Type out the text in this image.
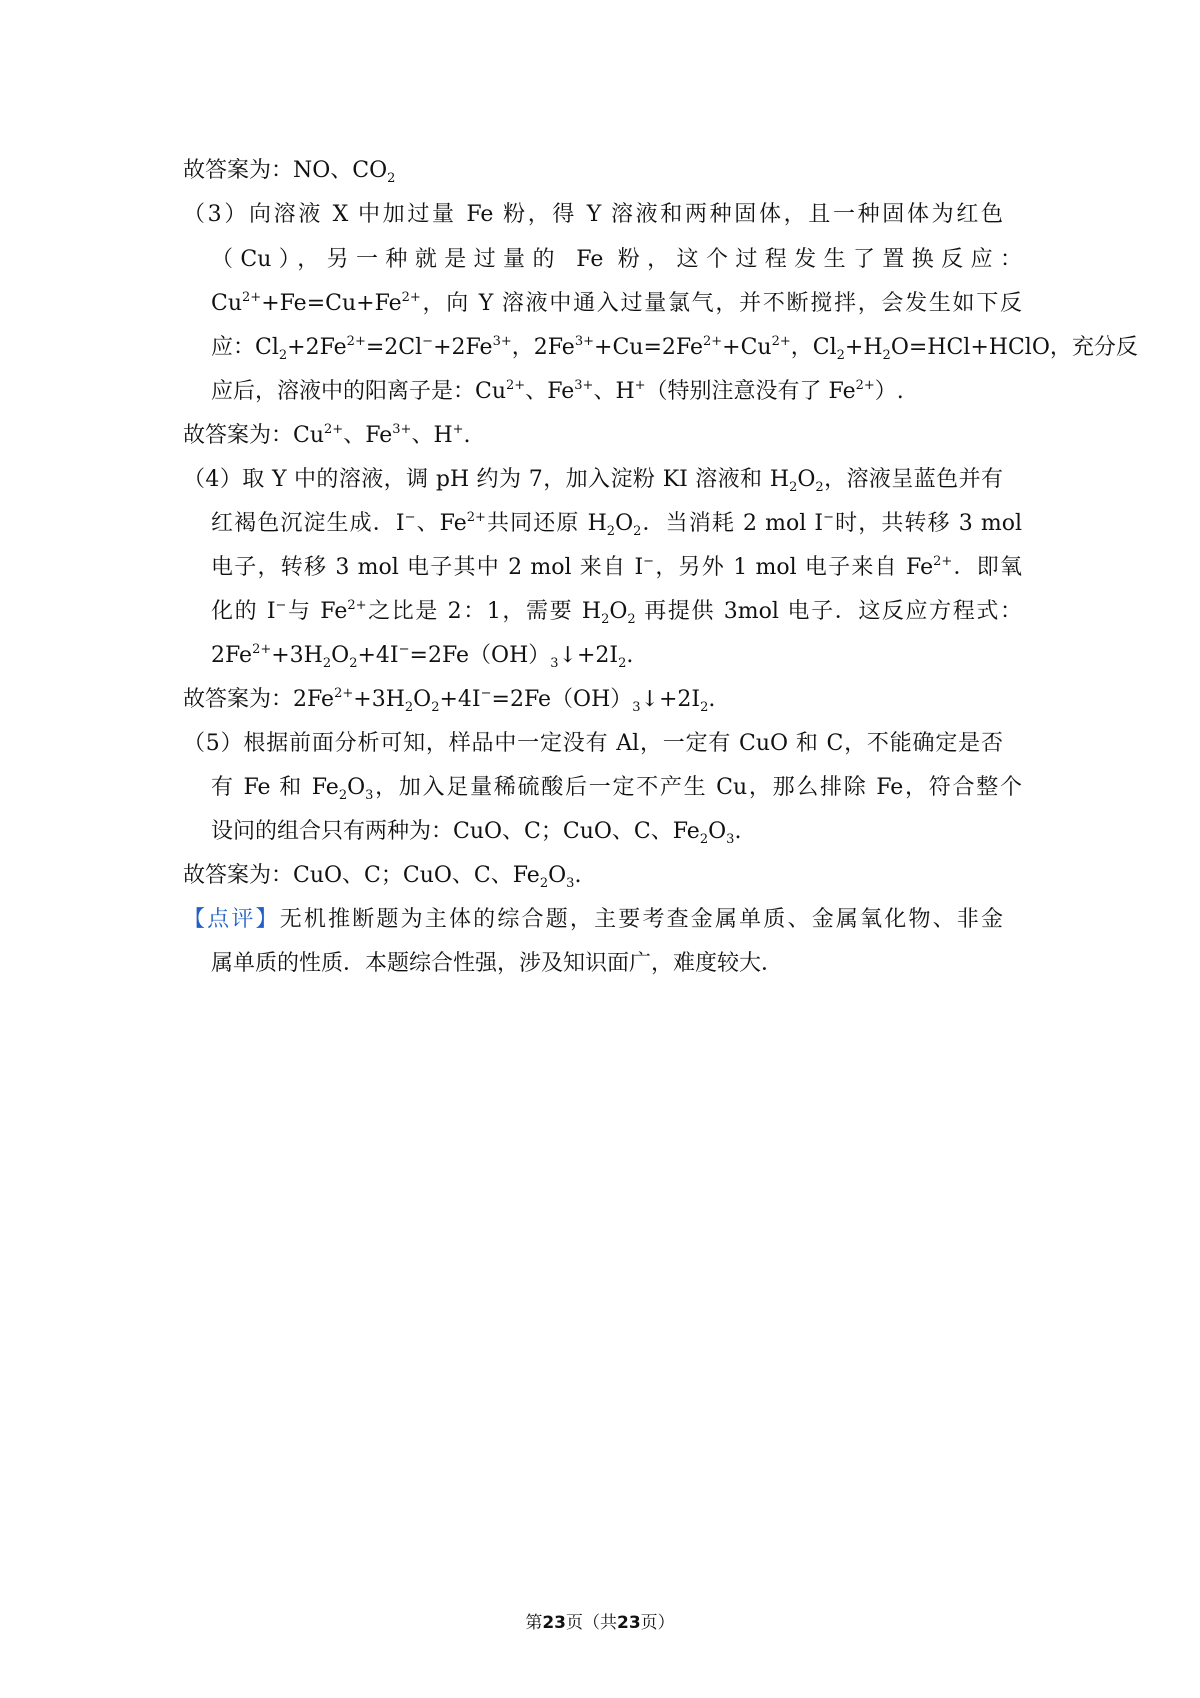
故答案为：NO、$CO_2$
（3）向溶液 X 中加过量 Fe 粉，得 Y 溶液和两种固体，且一种固体为红色
（Cu），另一种就是过量的 Fe 粉，这个过程发生了置换反应：
$Cu^{2+}+Fe=Cu+Fe^{2+}$，向 Y 溶液中通入过量氯气，并不断搅拌，会发生如下反
应：$Cl_2+2Fe^{2+}=2Cl^-+2Fe^{3+}$，$2Fe^{3+}+Cu=2Fe^{2+}+Cu^{2+}$，$Cl_2+H_2O=HCl+HClO$，充分反
应后，溶液中的阳离子是：$Cu^{2+}$、$Fe^{3+}$、H+（特别注意没有了 $Fe^{2+}$）.
故答案为：$Cu^{2+}$、$Fe^{3+}$、H+.
（4）取 Y 中的溶液，调 pH 约为 7，加入淀粉 KI 溶液和 $H_2O_2$，溶液呈蓝色并有
红褐色沉淀生成．I−、$Fe^{2+}$共同还原 $H_2O_2$．当消耗 2 mol I−时，共转移 3 mol
电子，转移 3 mol 电子其中 2 mol 来自 I−，另外 1 mol 电子来自 $Fe^{2+}$．即氧
化的 I−与 $Fe^{2+}$之比是 2：1，需要 $H_2O_2$ 再提供 3mol 电子．这反应方程式：
$2Fe^{2+}+3H_2O_2+4I^-=2Fe(OH)_3↓+2I_2$.
故答案为：$2Fe^{2+}+3H_2O_2+4I^-=2Fe(OH)_3↓+2I_2$.
（5）根据前面分析可知，样品中一定没有 Al，一定有 CuO 和 C，不能确定是否
有 Fe 和 $Fe_2O_3$，加入足量稀硫酸后一定不产生 Cu，那么排除 Fe，符合整个
设问的组合只有两种为：CuO、C；CuO、C、$Fe_2O_3$.
故答案为：CuO、C；CuO、C、$Fe_2O_3$.
【点评】无机推断题为主体的综合题，主要考查金属单质、金属氧化物、非金
属单质的性质．本题综合性强，涉及知识面广，难度较大．
第23页（共23页）
